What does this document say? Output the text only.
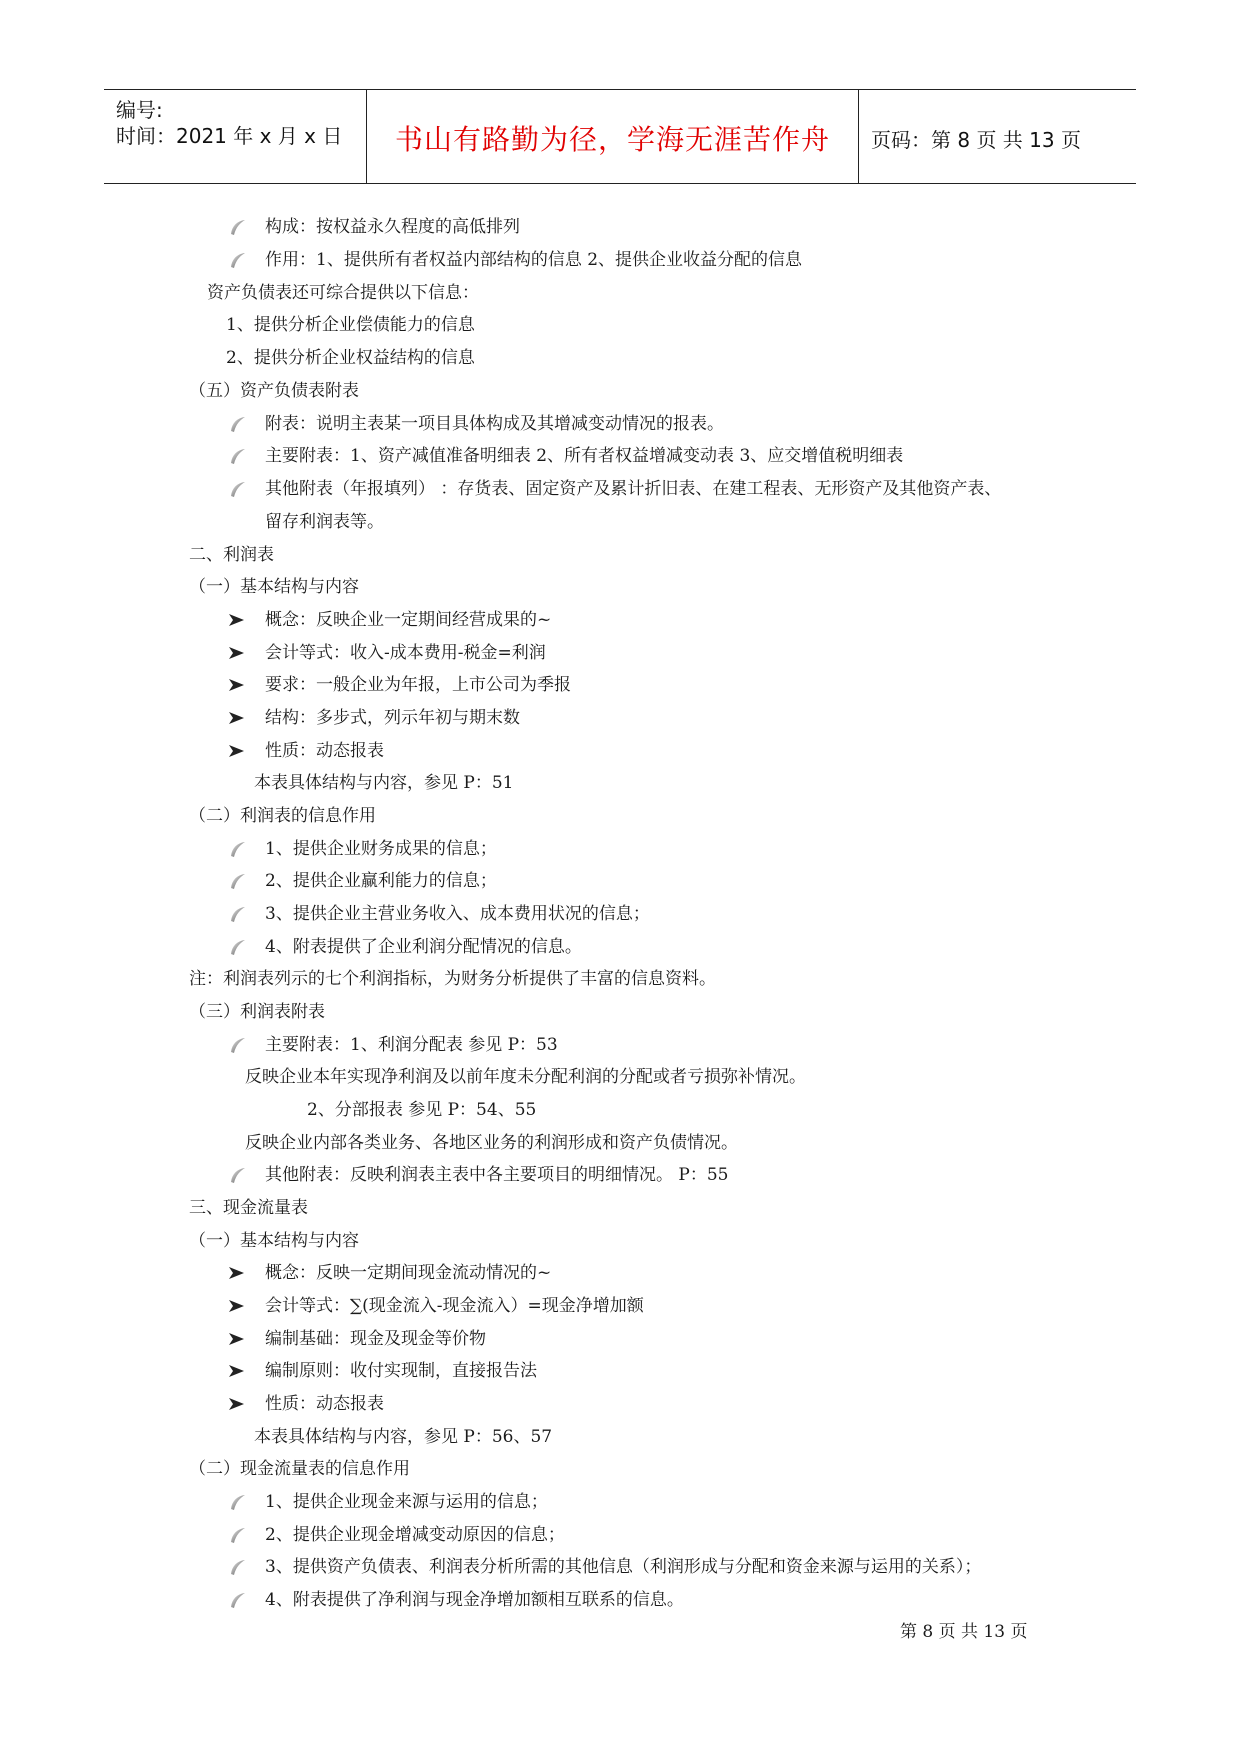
编号:
时间：2021 年 x 月 x 日	书山有路勤为径，学海无涯苦作舟	页码：第 8 页 共 13 页
构成：按权益永久程度的高低排列
作用：1、提供所有者权益内部结构的信息 2、提供企业收益分配的信息
资产负债表还可综合提供以下信息：
1、提供分析企业偿债能力的信息
2、提供分析企业权益结构的信息
（五）资产负债表附表
附表：说明主表某一项目具体构成及其增减变动情况的报表。
主要附表：1、资产减值准备明细表 2、所有者权益增减变动表 3、应交增值税明细表
其他附表（年报填列） ：存货表、固定资产及累计折旧表、在建工程表、无形资产及其他资产表、
留存利润表等。
二、利润表
（一）基本结构与内容
概念：反映企业一定期间经营成果的~
会计等式：收入-成本费用-税金=利润
要求：一般企业为年报，上市公司为季报
结构：多步式，列示年初与期末数
性质：动态报表
本表具体结构与内容，参见 P：51
（二）利润表的信息作用
1、提供企业财务成果的信息；
2、提供企业赢利能力的信息；
3、提供企业主营业务收入、成本费用状况的信息；
4、附表提供了企业利润分配情况的信息。
注：利润表列示的七个利润指标，为财务分析提供了丰富的信息资料。
（三）利润表附表
主要附表：1、利润分配表 参见 P：53
反映企业本年实现净利润及以前年度未分配利润的分配或者亏损弥补情况。
2、分部报表 参见 P：54、55
反映企业内部各类业务、各地区业务的利润形成和资产负债情况。
其他附表：反映利润表主表中各主要项目的明细情况。 P：55
三、现金流量表
（一）基本结构与内容
概念：反映一定期间现金流动情况的~
会计等式：∑(现金流入-现金流入）=现金净增加额
编制基础：现金及现金等价物
编制原则：收付实现制，直接报告法
性质：动态报表
本表具体结构与内容，参见 P：56、57
（二）现金流量表的信息作用
1、提供企业现金来源与运用的信息；
2、提供企业现金增减变动原因的信息；
3、提供资产负债表、利润表分析所需的其他信息（利润形成与分配和资金来源与运用的关系）；
4、附表提供了净利润与现金净增加额相互联系的信息。
第 8 页 共 13 页
